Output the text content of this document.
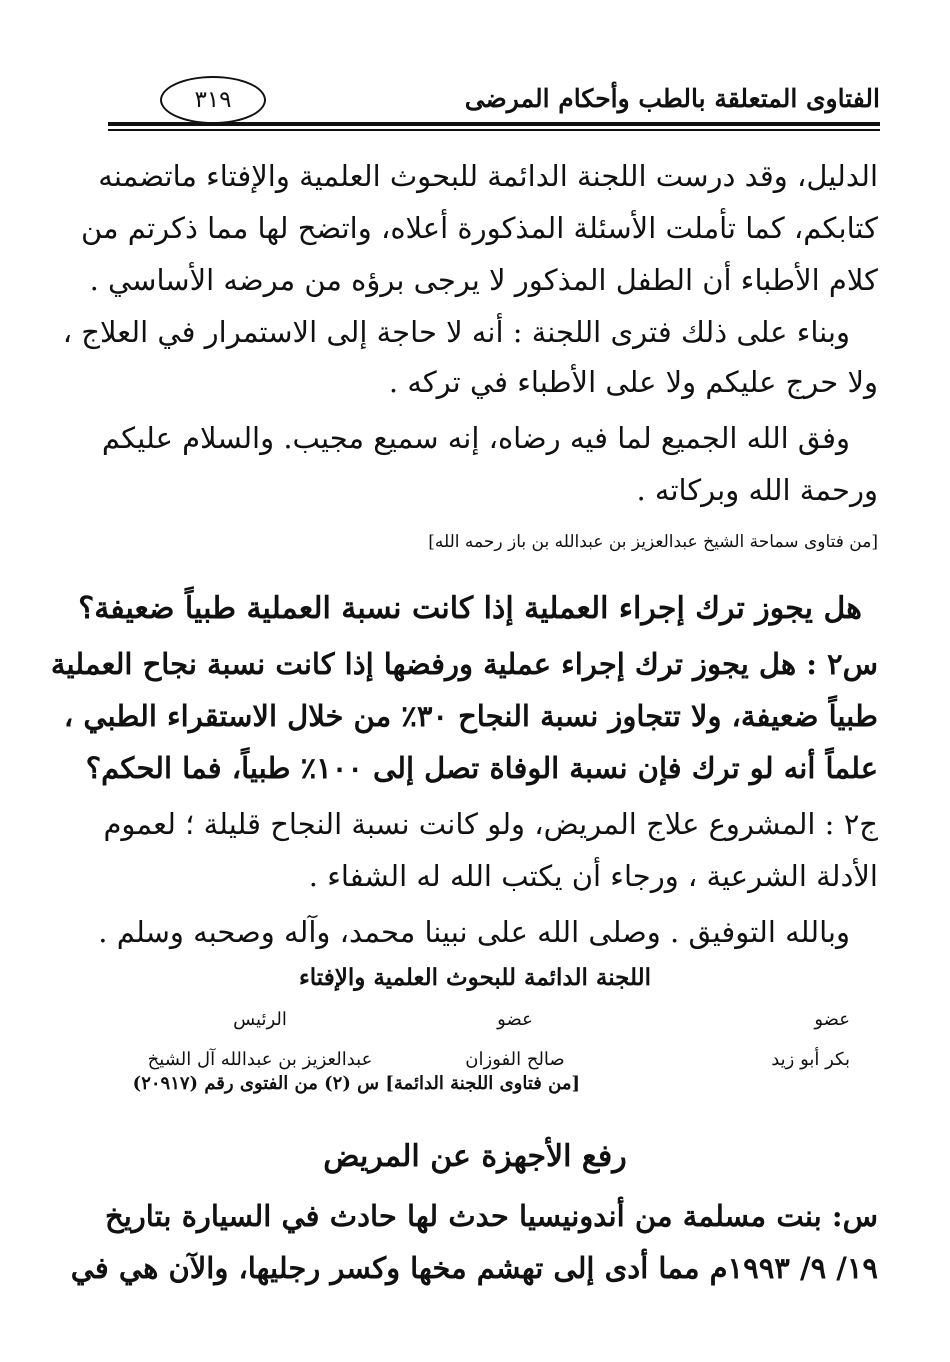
الفتاوى المتعلقة بالطب وأحكام المرضى
٣١٩
الدليل، وقد درست اللجنة الدائمة للبحوث العلمية والإفتاء ماتضمنه
كتابكم، كما تأملت الأسئلة المذكورة أعلاه، واتضح لها مما ذكرتم من
كلام الأطباء أن الطفل المذكور لا يرجى برؤه من مرضه الأساسي .
وبناء على ذلك فترى اللجنة : أنه لا حاجة إلى الاستمرار في العلاج ،
ولا حرج عليكم ولا على الأطباء في تركه .
وفق الله الجميع لما فيه رضاه، إنه سميع مجيب. والسلام عليكم
ورحمة الله وبركاته .
[من فتاوى سماحة الشيخ عبدالعزيز بن عبدالله بن باز رحمه الله]
هل يجوز ترك إجراء العملية إذا كانت نسبة العملية طبياً ضعيفة؟
س٢ : هل يجوز ترك إجراء عملية ورفضها إذا كانت نسبة نجاح العملية
طبياً ضعيفة، ولا تتجاوز نسبة النجاح ٣٠٪ من خلال الاستقراء الطبي ،
علماً أنه لو ترك فإن نسبة الوفاة تصل إلى ١٠٠٪ طبياً، فما الحكم؟
ج٢ : المشروع علاج المريض، ولو كانت نسبة النجاح قليلة ؛ لعموم
الأدلة الشرعية ، ورجاء أن يكتب الله له الشفاء .
وبالله التوفيق . وصلى الله على نبينا محمد، وآله وصحبه وسلم .
اللجنة الدائمة للبحوث العلمية والإفتاء
الرئيس
عبدالعزيز بن عبدالله آل الشيخ
عضو
صالح الفوزان
عضو
بكر أبو زيد
[من فتاوى اللجنة الدائمة] س (٢) من الفتوى رقم (٢٠٩١٧)
رفع الأجهزة عن المريض
س: بنت مسلمة من أندونيسيا حدث لها حادث في السيارة بتاريخ
١٩/ ٩/ ١٩٩٣م مما أدى إلى تهشم مخها وكسر رجليها، والآن هي في
